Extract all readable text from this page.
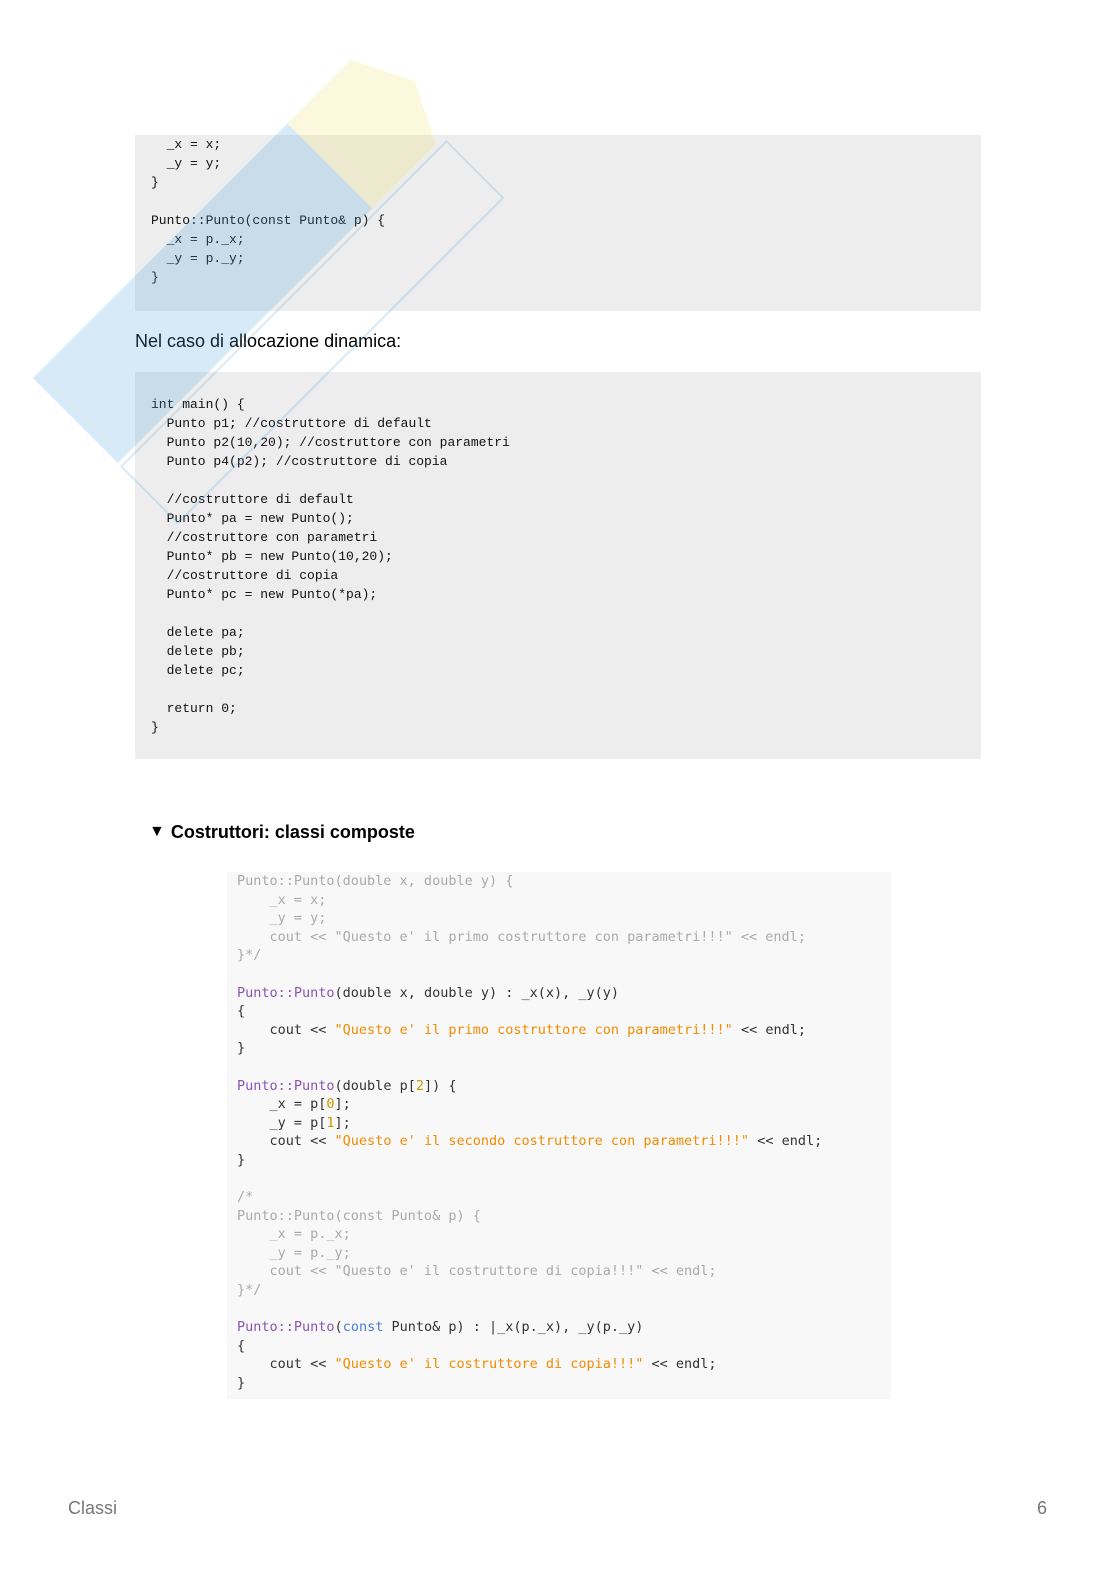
_x = x;
_y = y;
}
Punto::Punto(const Punto& p) {
_x = p._x;
_y = p._y;
}
Nel caso di allocazione dinamica:
int main() {
Punto p1; //costruttore di default
Punto p2(10,20); //costruttore con parametri
Punto p4(p2); //costruttore di copia
//costruttore di default
Punto* pa = new Punto();
//costruttore con parametri
Punto* pb = new Punto(10,20);
//costruttore di copia
Punto* pc = new Punto(*pa);
delete pa;
delete pb;
delete pc;
return 0;
}
▼ Costruttori: classi composte
Punto::Punto(double x, double y) {
_x = x;
_y = y;
cout << "Questo e' il primo costruttore con parametri!!!" << endl;
}*/
Punto::Punto(double x, double y) : _x(x), _y(y)
{
cout << "Questo e' il primo costruttore con parametri!!!" << endl;
}
Punto::Punto(double p[2]) {
_x = p[0];
_y = p[1];
cout << "Questo e' il secondo costruttore con parametri!!!" << endl;
}
/*
Punto::Punto(const Punto& p) {
_x = p._x;
_y = p._y;
cout << "Questo e' il costruttore di copia!!!" << endl;
}*/
Punto::Punto(const Punto& p) : |_x(p._x), _y(p._y)
{
cout << "Questo e' il costruttore di copia!!!" << endl;
}
Classi	6
